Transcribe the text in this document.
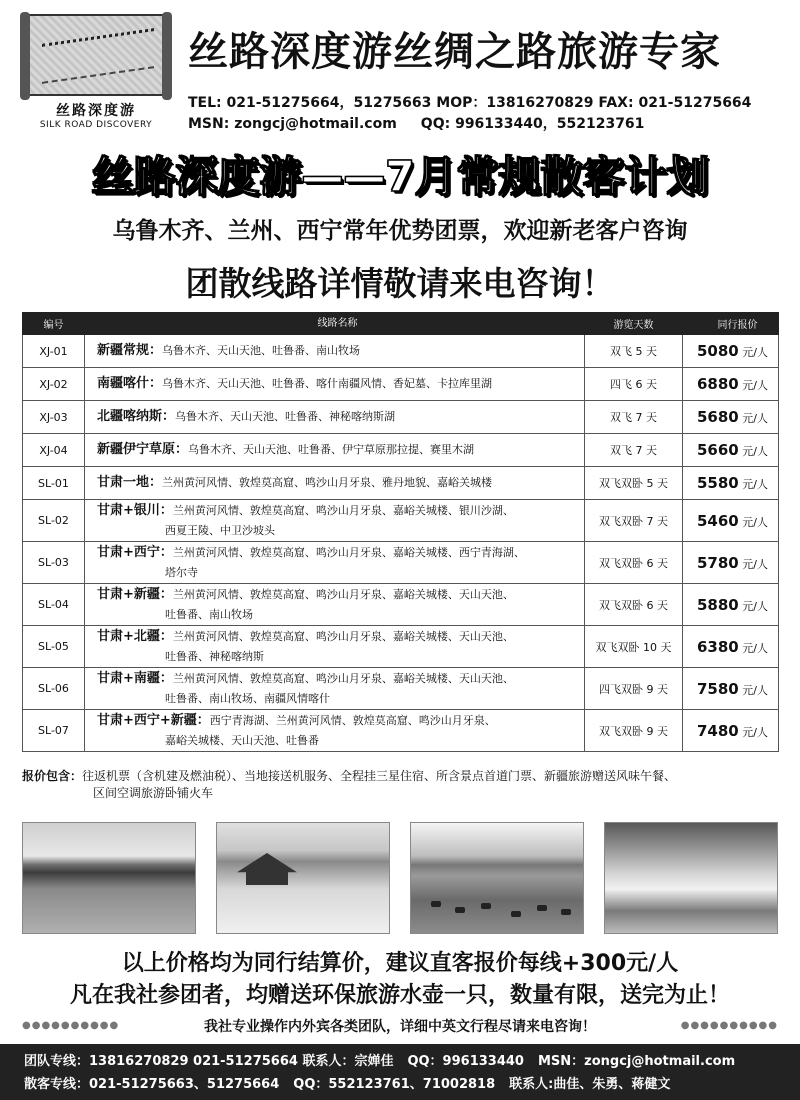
丝路深度游
SILK ROAD DISCOVERY
丝路深度游丝绸之路旅游专家
TEL: 021-51275664，51275663 MOP：13816270829 FAX: 021-51275664
MSN: zongcj@hotmail.com QQ: 996133440，552123761
丝路深度游——7月常规散客计划
乌鲁木齐、兰州、西宁常年优势团票，欢迎新老客户咨询
团散线路详情敬请来电咨询！
编号	线路名称	游览天数	同行报价
XJ-01	新疆常规：乌鲁木齐、天山天池、吐鲁番、南山牧场	双飞 5 天	5080 元/人
XJ-02	南疆喀什：乌鲁木齐、天山天池、吐鲁番、喀什南疆风情、香妃墓、卡拉库里湖	四飞 6 天	6880 元/人
XJ-03	北疆喀纳斯：乌鲁木齐、天山天池、吐鲁番、神秘喀纳斯湖	双飞 7 天	5680 元/人
XJ-04	新疆伊宁草原：乌鲁木齐、天山天池、吐鲁番、伊宁草原那拉提、赛里木湖	双飞 7 天	5660 元/人
SL-01	甘肃一地：兰州黄河风情、敦煌莫高窟、鸣沙山月牙泉、雅丹地貌、嘉峪关城楼	双飞双卧 5 天	5580 元/人
SL-02	甘肃+银川：兰州黄河风情、敦煌莫高窟、鸣沙山月牙泉、嘉峪关城楼、银川沙湖、
西夏王陵、中卫沙坡头	双飞双卧 7 天	5460 元/人
SL-03	甘肃+西宁：兰州黄河风情、敦煌莫高窟、鸣沙山月牙泉、嘉峪关城楼、西宁青海湖、
塔尔寺	双飞双卧 6 天	5780 元/人
SL-04	甘肃+新疆：兰州黄河风情、敦煌莫高窟、鸣沙山月牙泉、嘉峪关城楼、天山天池、
吐鲁番、南山牧场	双飞双卧 6 天	5880 元/人
SL-05	甘肃+北疆：兰州黄河风情、敦煌莫高窟、鸣沙山月牙泉、嘉峪关城楼、天山天池、
吐鲁番、神秘喀纳斯	双飞双卧 10 天	6380 元/人
SL-06	甘肃+南疆：兰州黄河风情、敦煌莫高窟、鸣沙山月牙泉、嘉峪关城楼、天山天池、
吐鲁番、南山牧场、南疆风情喀什	四飞双卧 9 天	7580 元/人
SL-07	甘肃+西宁+新疆：西宁青海湖、兰州黄河风情、敦煌莫高窟、鸣沙山月牙泉、
嘉峪关城楼、天山天池、吐鲁番	双飞双卧 9 天	7480 元/人
报价包含：往返机票（含机建及燃油税）、当地接送机服务、全程挂三星住宿、所含景点首道门票、新疆旅游赠送风味午餐、
区间空调旅游卧铺火车
以上价格均为同行结算价，建议直客报价每线+300元/人
凡在我社参团者，均赠送环保旅游水壶一只，数量有限，送完为止！
●●●●●●●●●●	我社专业操作内外宾各类团队，详细中英文行程尽请来电咨询！	●●●●●●●●●●
团队专线：13816270829 021-51275664 联系人：宗婵佳 QQ：996133440 MSN：zongcj@hotmail.com
散客专线：021-51275663、51275664 QQ：552123761、71002818 联系人:曲佳、朱勇、蒋健文
